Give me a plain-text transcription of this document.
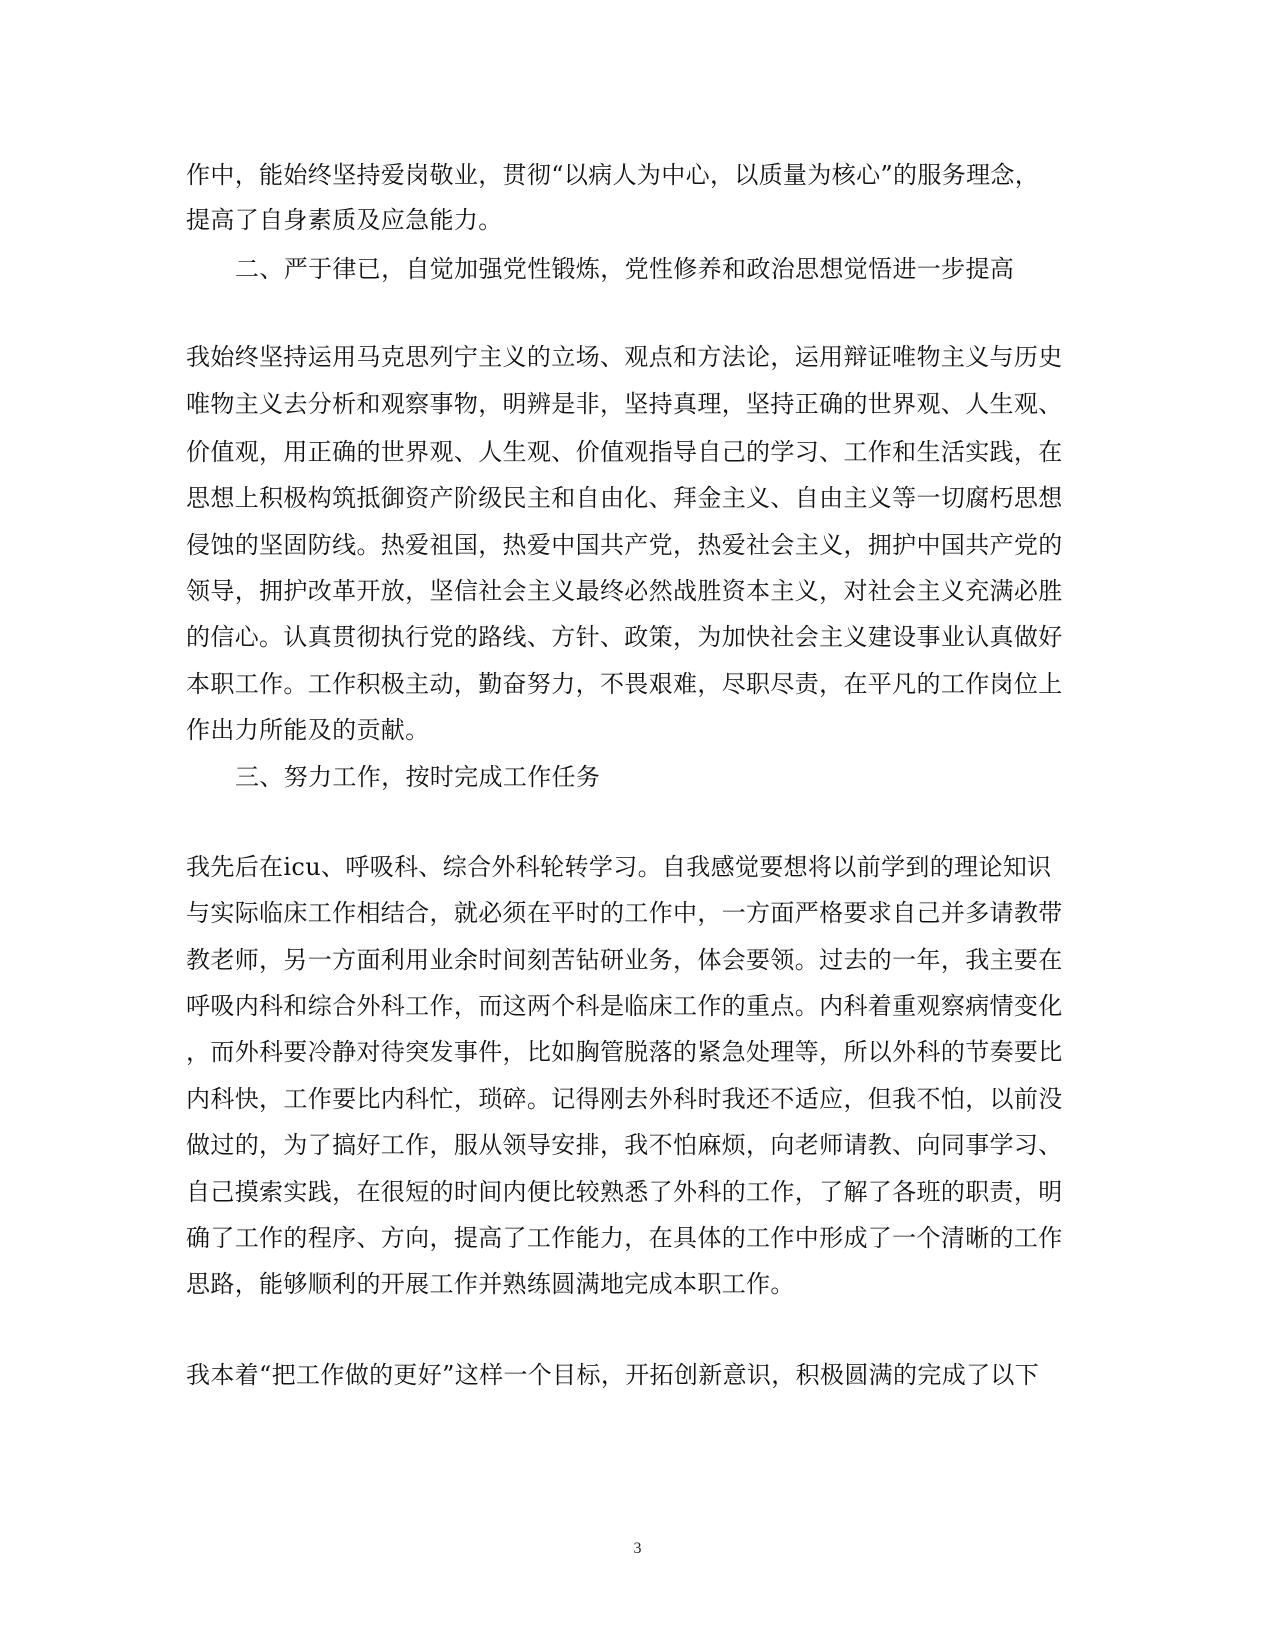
作中，能始终坚持爱岗敬业，贯彻“以病人为中心，以质量为核心”的服务理念，
提高了自身素质及应急能力。
二、严于律已，自觉加强党性锻炼，党性修养和政治思想觉悟进一步提高
我始终坚持运用马克思列宁主义的立场、观点和方法论，运用辩证唯物主义与历史
唯物主义去分析和观察事物，明辨是非，坚持真理，坚持正确的世界观、人生观、
价值观，用正确的世界观、人生观、价值观指导自己的学习、工作和生活实践，在
思想上积极构筑抵御资产阶级民主和自由化、拜金主义、自由主义等一切腐朽思想
侵蚀的坚固防线。热爱祖国，热爱中国共产党，热爱社会主义，拥护中国共产党的
领导，拥护改革开放，坚信社会主义最终必然战胜资本主义，对社会主义充满必胜
的信心。认真贯彻执行党的路线、方针、政策，为加快社会主义建设事业认真做好
本职工作。工作积极主动，勤奋努力，不畏艰难，尽职尽责，在平凡的工作岗位上
作出力所能及的贡献。
三、努力工作，按时完成工作任务
我先后在icu、呼吸科、综合外科轮转学习。自我感觉要想将以前学到的理论知识
与实际临床工作相结合，就必须在平时的工作中，一方面严格要求自己并多请教带
教老师，另一方面利用业余时间刻苦钻研业务，体会要领。过去的一年，我主要在
呼吸内科和综合外科工作，而这两个科是临床工作的重点。内科着重观察病情变化
，而外科要冷静对待突发事件，比如胸管脱落的紧急处理等，所以外科的节奏要比
内科快，工作要比内科忙，琐碎。记得刚去外科时我还不适应，但我不怕，以前没
做过的，为了搞好工作，服从领导安排，我不怕麻烦，向老师请教、向同事学习、
自己摸索实践，在很短的时间内便比较熟悉了外科的工作，了解了各班的职责，明
确了工作的程序、方向，提高了工作能力，在具体的工作中形成了一个清晰的工作
思路，能够顺利的开展工作并熟练圆满地完成本职工作。
我本着“把工作做的更好”这样一个目标，开拓创新意识，积极圆满的完成了以下
3
